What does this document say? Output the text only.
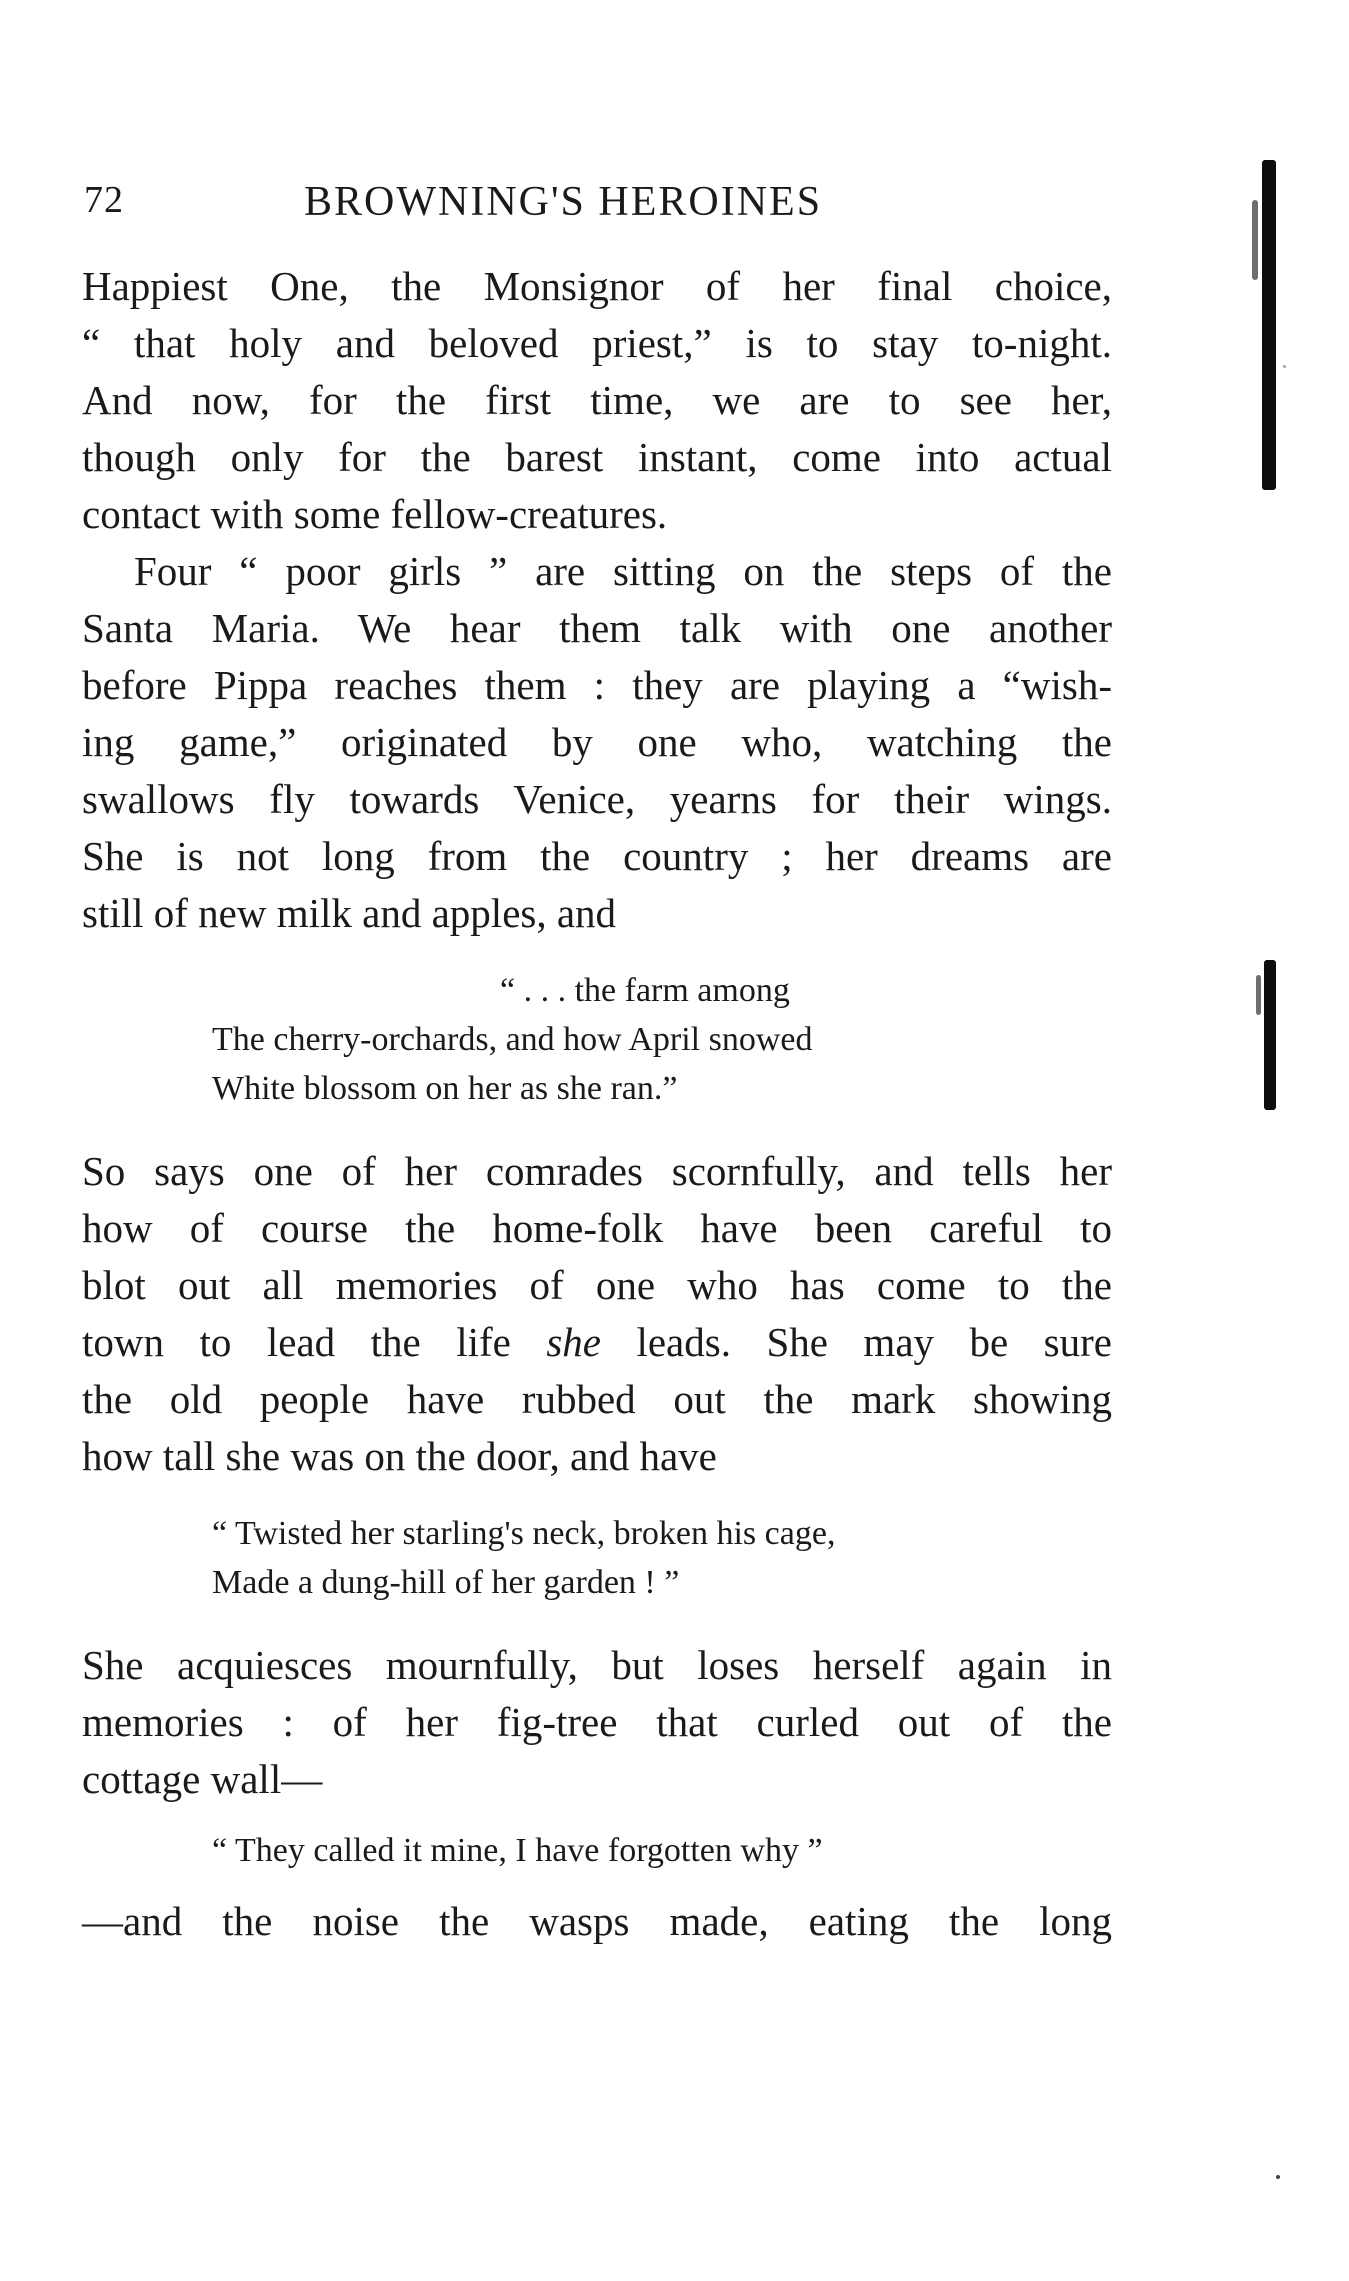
72	BROWNING'S HEROINES
Happiest One, the Monsignor of her final choice,
“ that holy and beloved priest,” is to stay to-night.
And now, for the first time, we are to see her,
though only for the barest instant, come into actual
contact with some fellow-creatures.
Four “ poor girls ” are sitting on the steps of the
Santa Maria. We hear them talk with one another
before Pippa reaches them : they are playing a “wish-
ing game,” originated by one who, watching the
swallows fly towards Venice, yearns for their wings.
She is not long from the country ; her dreams are
still of new milk and apples, and
“ . . . the farm among
The cherry-orchards, and how April snowed
White blossom on her as she ran.”
So says one of her comrades scornfully, and tells her
how of course the home-folk have been careful to
blot out all memories of one who has come to the
town to lead the life she leads. She may be sure
the old people have rubbed out the mark showing
how tall she was on the door, and have
“ Twisted her starling's neck, broken his cage,
Made a dung-hill of her garden ! ”
She acquiesces mournfully, but loses herself again in
memories : of her fig-tree that curled out of the
cottage wall—
“ They called it mine, I have forgotten why ”
—and the noise the wasps made, eating the long
